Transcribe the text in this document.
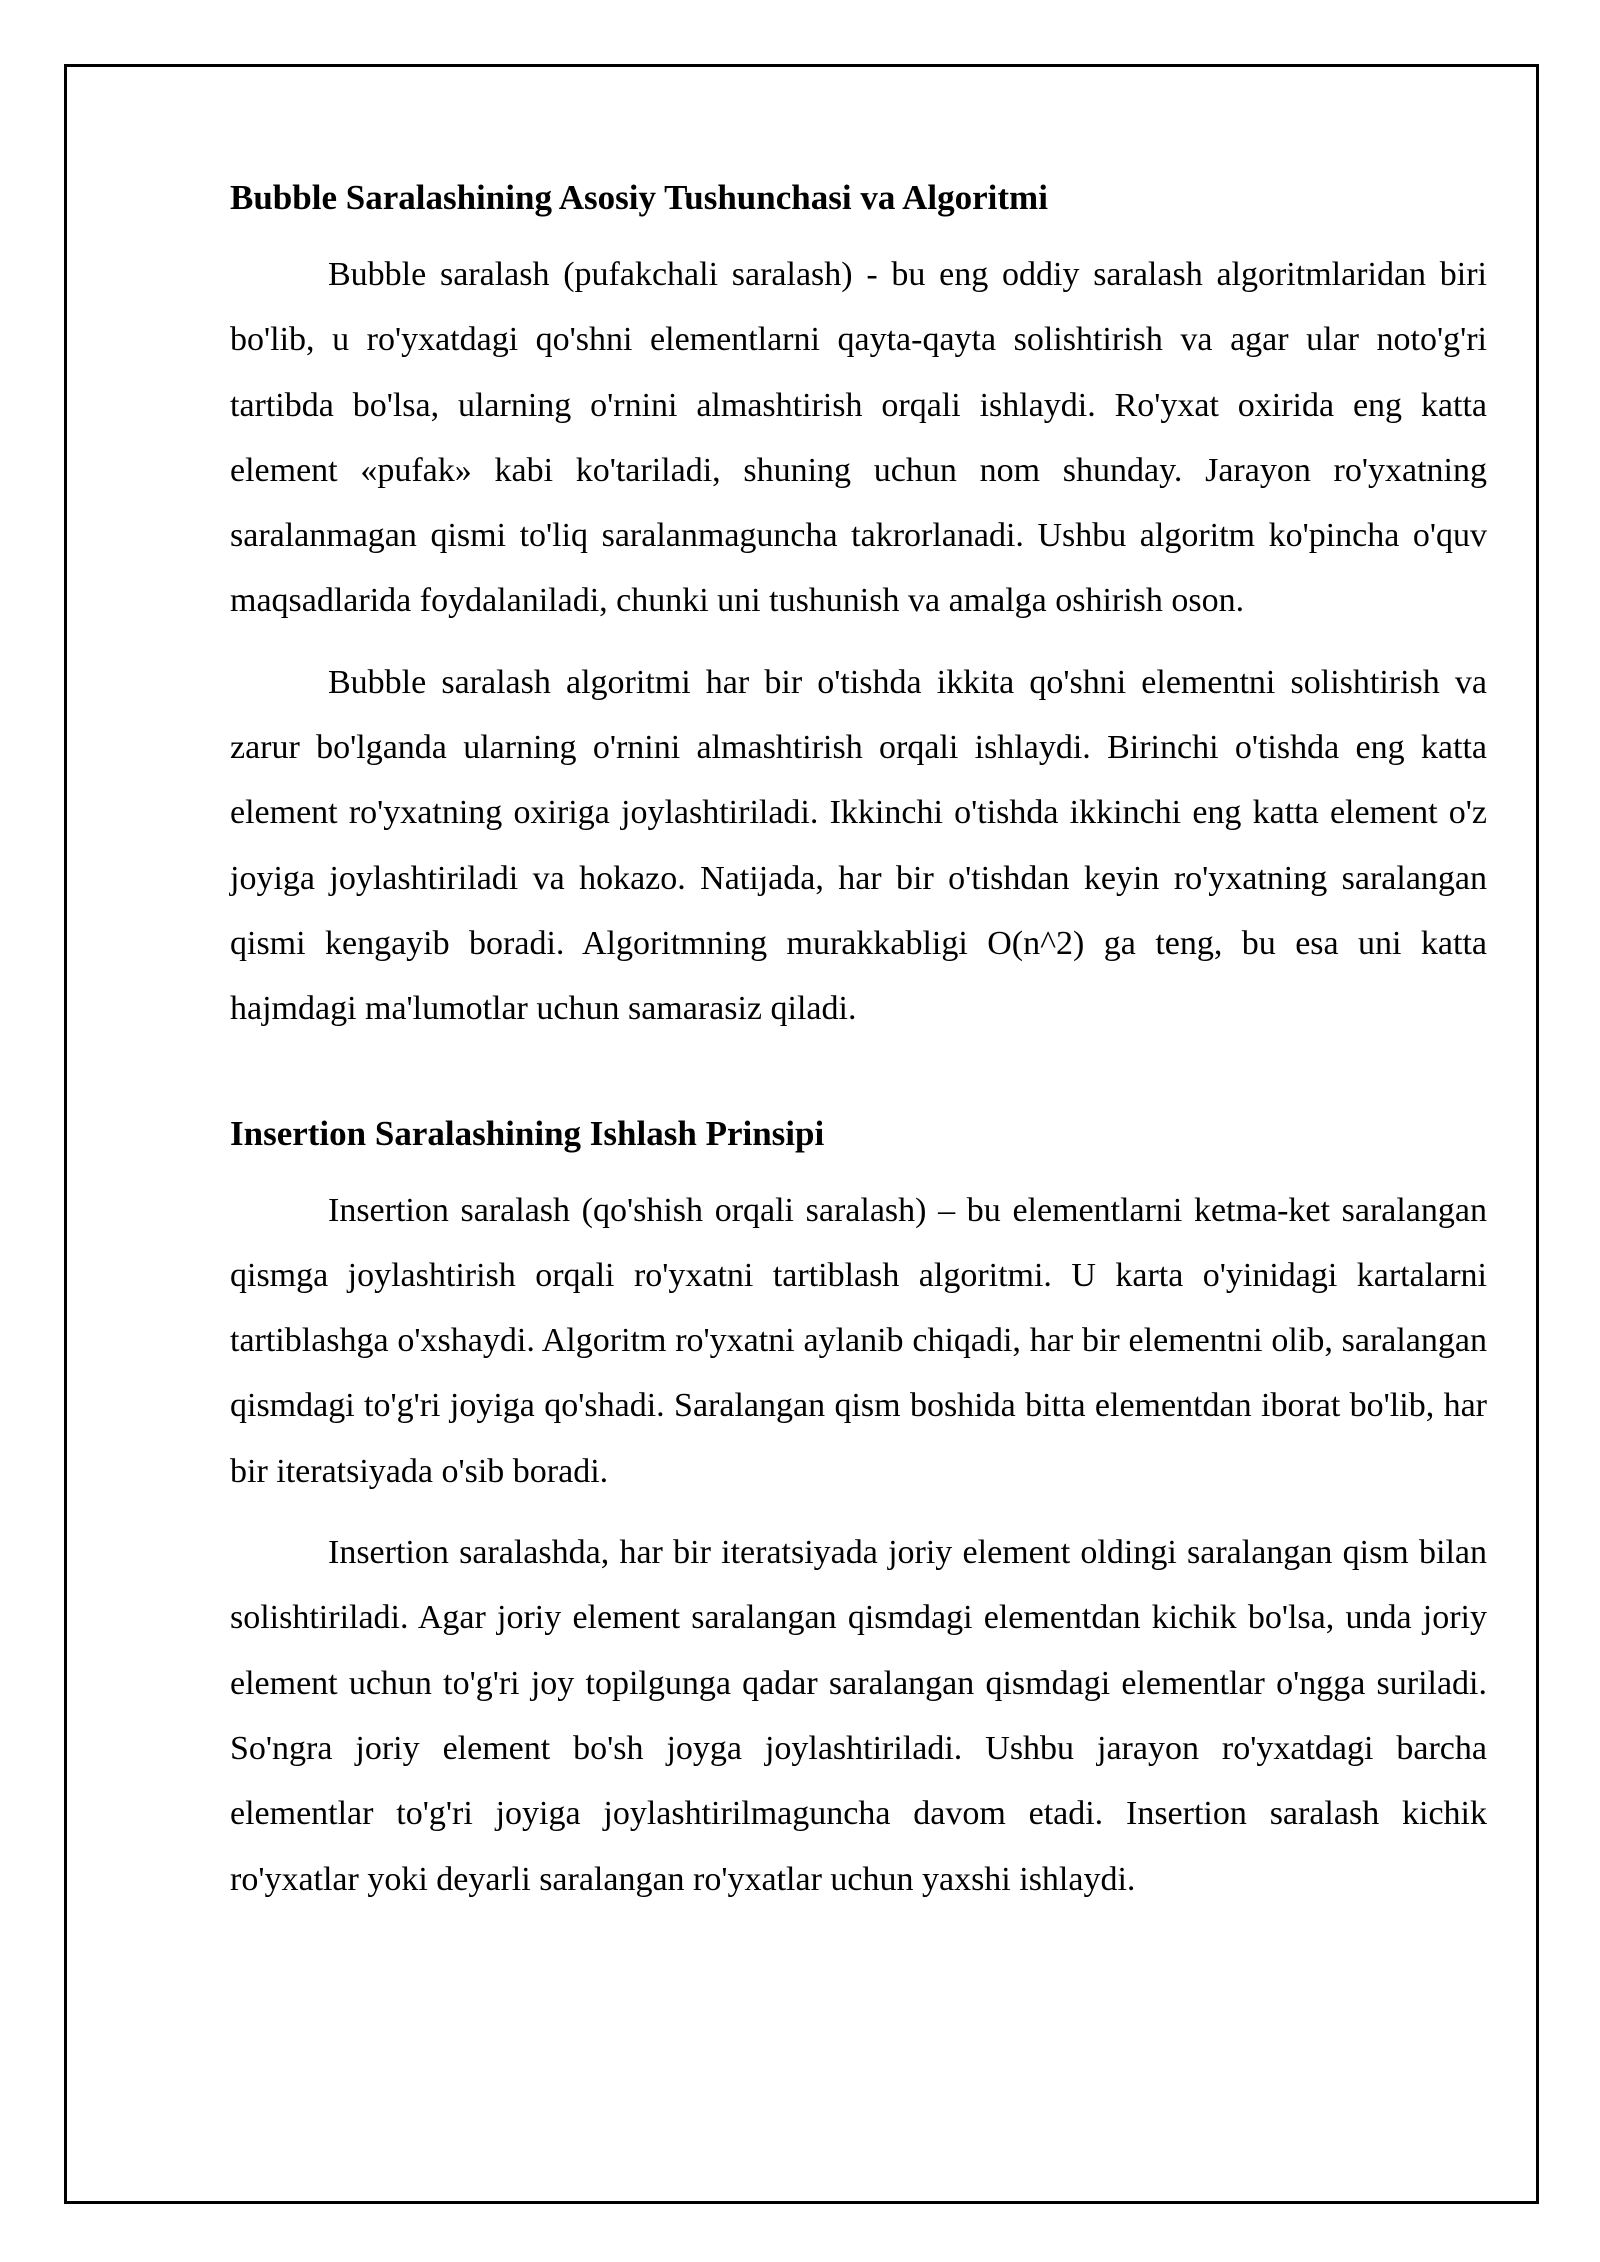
Bubble Saralashining Asosiy Tushunchasi va Algoritmi

Bubble saralash (pufakchali saralash) - bu eng oddiy saralash algoritmlaridan biri bo'lib, u ro'yxatdagi qo'shni elementlarni qayta-qayta solishtirish va agar ular noto'g'ri tartibda bo'lsa, ularning o'rnini almashtirish orqali ishlaydi. Ro'yxat oxirida eng katta element «pufak» kabi ko'tariladi, shuning uchun nom shunday. Jarayon ro'yxatning saralanmagan qismi to'liq saralanmaguncha takrorlanadi. Ushbu algoritm ko'pincha o'quv maqsadlarida foydalaniladi, chunki uni tushunish va amalga oshirish oson.

Bubble saralash algoritmi har bir o'tishda ikkita qo'shni elementni solishtirish va zarur bo'lganda ularning o'rnini almashtirish orqali ishlaydi. Birinchi o'tishda eng katta element ro'yxatning oxiriga joylashtiriladi. Ikkinchi o'tishda ikkinchi eng katta element o'z joyiga joylashtiriladi va hokazo. Natijada, har bir o'tishdan keyin ro'yxatning saralangan qismi kengayib boradi. Algoritmning murakkabligi O(n^2) ga teng, bu esa uni katta hajmdagi ma'lumotlar uchun samarasiz qiladi.

Insertion Saralashining Ishlash Prinsipi

Insertion saralash (qo'shish orqali saralash) – bu elementlarni ketma-ket saralangan qismga joylashtirish orqali ro'yxatni tartiblash algoritmi. U karta o'yinidagi kartalarni tartiblashga o'xshaydi. Algoritm ro'yxatni aylanib chiqadi, har bir elementni olib, saralangan qismdagi to'g'ri joyiga qo'shadi. Saralangan qism boshida bitta elementdan iborat bo'lib, har bir iteratsiyada o'sib boradi.

Insertion saralashda, har bir iteratsiyada joriy element oldingi saralangan qism bilan solishtiriladi. Agar joriy element saralangan qismdagi elementdan kichik bo'lsa, unda joriy element uchun to'g'ri joy topilgunga qadar saralangan qismdagi elementlar o'ngga suriladi. So'ngra joriy element bo'sh joyga joylashtiriladi. Ushbu jarayon ro'yxatdagi barcha elementlar to'g'ri joyiga joylashtirilmaguncha davom etadi. Insertion saralash kichik ro'yxatlar yoki deyarli saralangan ro'yxatlar uchun yaxshi ishlaydi.
